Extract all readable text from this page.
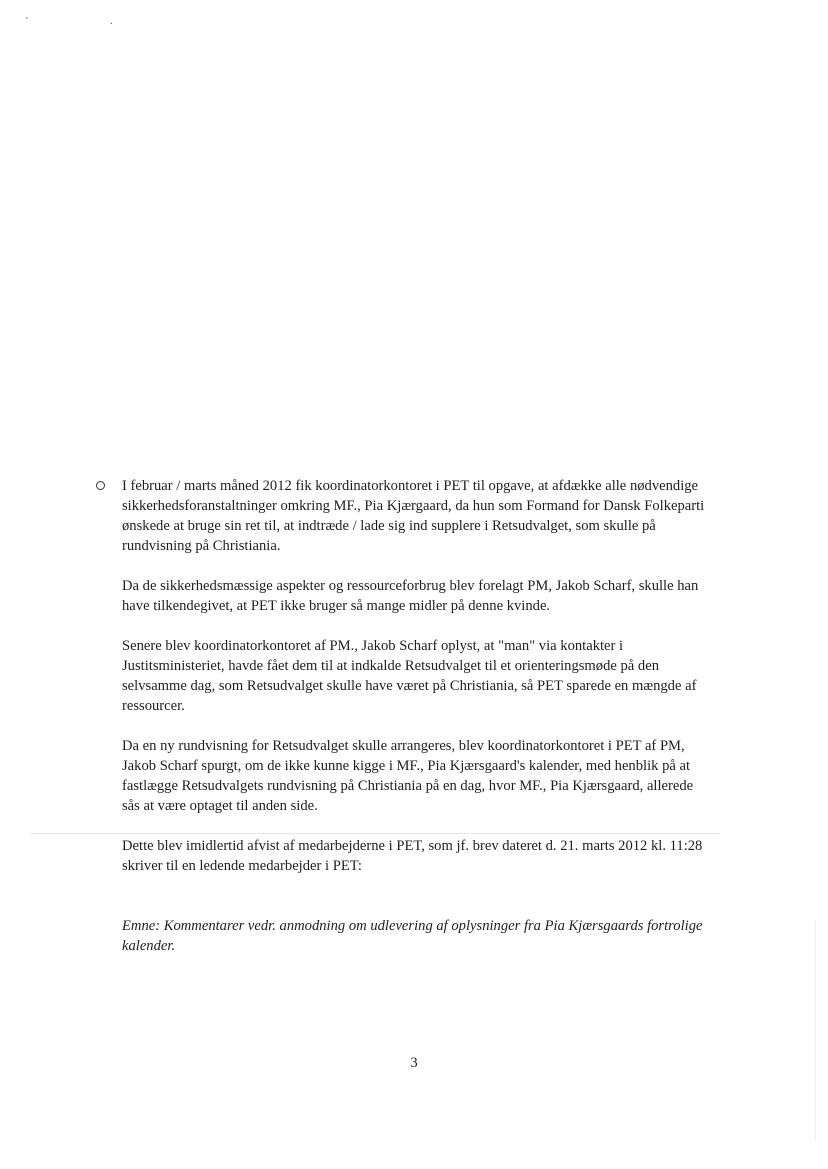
' .

I februar / marts måned 2012 fik koordinatorkontoret i PET til opgave, at afdække alle nødvendige sikkerhedsforanstaltninger omkring MF., Pia Kjærgaard, da hun som Formand for Dansk Folkeparti ønskede at bruge sin ret til, at indtræde / lade sig ind supplere i Retsudvalget, som skulle på rundvisning på Christiania.

Da de sikkerhedsmæssige aspekter og ressourceforbrug blev forelagt PM, Jakob Scharf, skulle han have tilkendegivet, at PET ikke bruger så mange midler på denne kvinde.

Senere blev koordinatorkontoret af PM., Jakob Scharf oplyst, at "man" via kontakter i Justitsministeriet, havde fået dem til at indkalde Retsudvalget til et orienteringsmøde på den selvsamme dag, som Retsudvalget skulle have været på Christiania, så PET sparede en mængde af ressourcer.

Da en ny rundvisning for Retsudvalget skulle arrangeres, blev koordinatorkontoret i PET af PM, Jakob Scharf spurgt, om de ikke kunne kigge i MF., Pia Kjærsgaard's kalender, med henblik på at fastlægge Retsudvalgets rundvisning på Christiania på en dag, hvor MF., Pia Kjærsgaard, allerede sås at være optaget til anden side.

Dette blev imidlertid afvist af medarbejderne i PET, som jf. brev dateret d. 21. marts 2012 kl. 11:28 skriver til en ledende medarbejder i PET:

Emne: Kommentarer vedr. anmodning om udlevering af oplysninger fra Pia Kjærsgaards fortrolige kalender.

3
